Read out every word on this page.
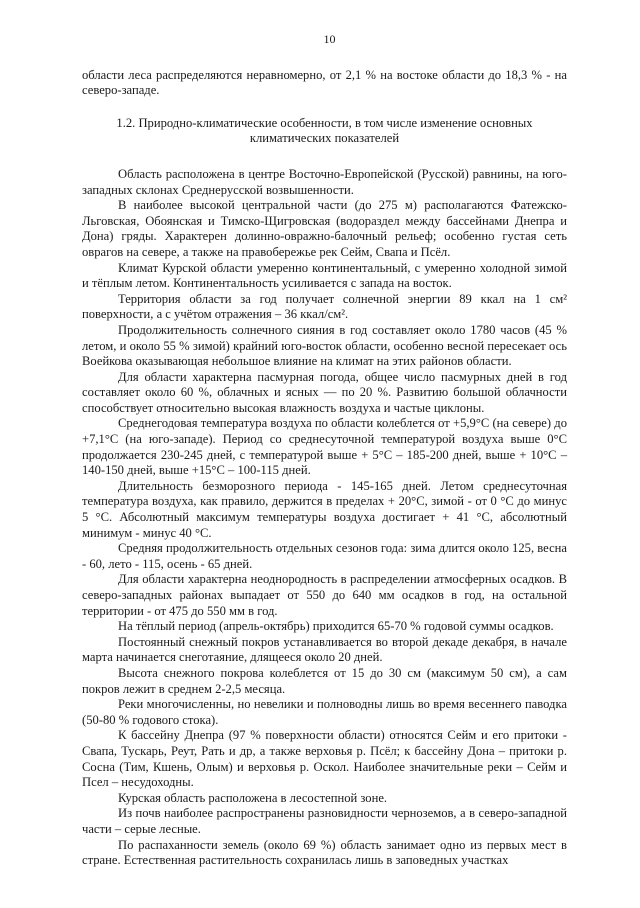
10

области леса распределяются неравномерно, от 2,1 % на востоке области до 18,3 % - на северо-западе.

1.2. Природно-климатические особенности, в том числе изменение основных климатических показателей

Область расположена в центре Восточно-Европейской (Русской) равнины, на юго-западных склонах Среднерусской возвышенности.

В наиболее высокой центральной части (до 275 м) располагаются Фатежско-Льговская, Обоянская и Тимско-Щигровская (водораздел между бассейнами Днепра и Дона) гряды. Характерен долинно-овражно-балочный рельеф; особенно густая сеть оврагов на севере, а также на правобережье рек Сейм, Свапа и Псёл.

Климат Курской области умеренно континентальный, с умеренно холодной зимой и тёплым летом. Континентальность усиливается с запада на восток.

Территория области за год получает солнечной энергии 89 ккал на 1 см² поверхности, а с учётом отражения – 36 ккал/см².

Продолжительность солнечного сияния в год составляет около 1780 часов (45 % летом, и около 55 % зимой) крайний юго-восток области, особенно весной пересекает ось Воейкова оказывающая небольшое влияние на климат на этих районов области.

Для области характерна пасмурная погода, общее число пасмурных дней в год составляет около 60 %, облачных и ясных — по 20 %. Развитию большой облачности способствует относительно высокая влажность воздуха и частые циклоны.

Среднегодовая температура воздуха по области колеблется от +5,9°С (на севере) до +7,1°С (на юго-западе). Период со среднесуточной температурой воздуха выше 0°С продолжается 230-245 дней, с температурой выше + 5°С – 185-200 дней, выше + 10°С – 140-150 дней, выше +15°С – 100-115 дней.

Длительность безморозного периода - 145-165 дней. Летом среднесуточная температура воздуха, как правило, держится в пределах + 20°С, зимой - от 0 °С до минус 5 °С. Абсолютный максимум температуры воздуха достигает + 41 °С, абсолютный минимум - минус 40 °С.

Средняя продолжительность отдельных сезонов года: зима длится около 125, весна - 60, лето - 115, осень - 65 дней.

Для области характерна неоднородность в распределении атмосферных осадков. В северо-западных районах выпадает от 550 до 640 мм осадков в год, на остальной территории - от 475 до 550 мм в год.

На тёплый период (апрель-октябрь) приходится 65-70 % годовой суммы осадков.

Постоянный снежный покров устанавливается во второй декаде декабря, в начале марта начинается снеготаяние, длящееся около 20 дней.

Высота снежного покрова колеблется от 15 до 30 см (максимум 50 см), а сам покров лежит в среднем 2-2,5 месяца.

Реки многочисленны, но невелики и полноводны лишь во время весеннего паводка (50-80 % годового стока).

К бассейну Днепра (97 % поверхности области) относятся Сейм и его притоки - Свапа, Тускарь, Реут, Рать и др, а также верховья р. Псёл; к бассейну Дона – притоки р. Сосна (Тим, Кшень, Олым) и верховья р. Оскол. Наиболее значительные реки – Сейм и Псел – несудоходны.

Курская область расположена в лесостепной зоне.

Из почв наиболее распространены разновидности черноземов, а в северо-западной части – серые лесные.

По распаханности земель (около 69 %) область занимает одно из первых мест в стране. Естественная растительность сохранилась лишь в заповедных участках
